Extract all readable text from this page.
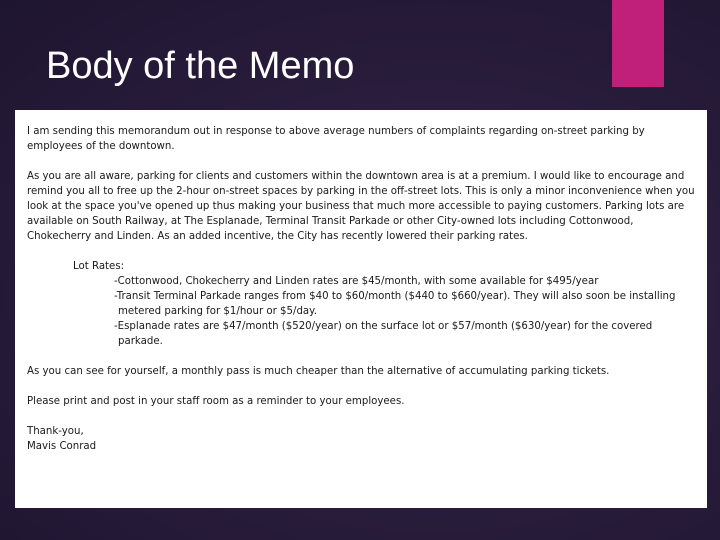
Body of the Memo

I am sending this memorandum out in response to above average numbers of complaints regarding on-street parking by employees of the downtown.

As you are all aware, parking for clients and customers within the downtown area is at a premium. I would like to encourage and remind you all to free up the 2-hour on-street spaces by parking in the off-street lots. This is only a minor inconvenience when you look at the space you've opened up thus making your business that much more accessible to paying customers. Parking lots are available on South Railway, at The Esplanade, Terminal Transit Parkade or other City-owned lots including Cottonwood, Chokecherry and Linden. As an added incentive, the City has recently lowered their parking rates.

Lot Rates:
-Cottonwood, Chokecherry and Linden rates are $45/month, with some available for $495/year
-Transit Terminal Parkade ranges from $40 to $60/month ($440 to $660/year). They will also soon be installing metered parking for $1/hour or $5/day.
-Esplanade rates are $47/month ($520/year) on the surface lot or $57/month ($630/year) for the covered parkade.

As you can see for yourself, a monthly pass is much cheaper than the alternative of accumulating parking tickets.

Please print and post in your staff room as a reminder to your employees.

Thank-you,
Mavis Conrad
